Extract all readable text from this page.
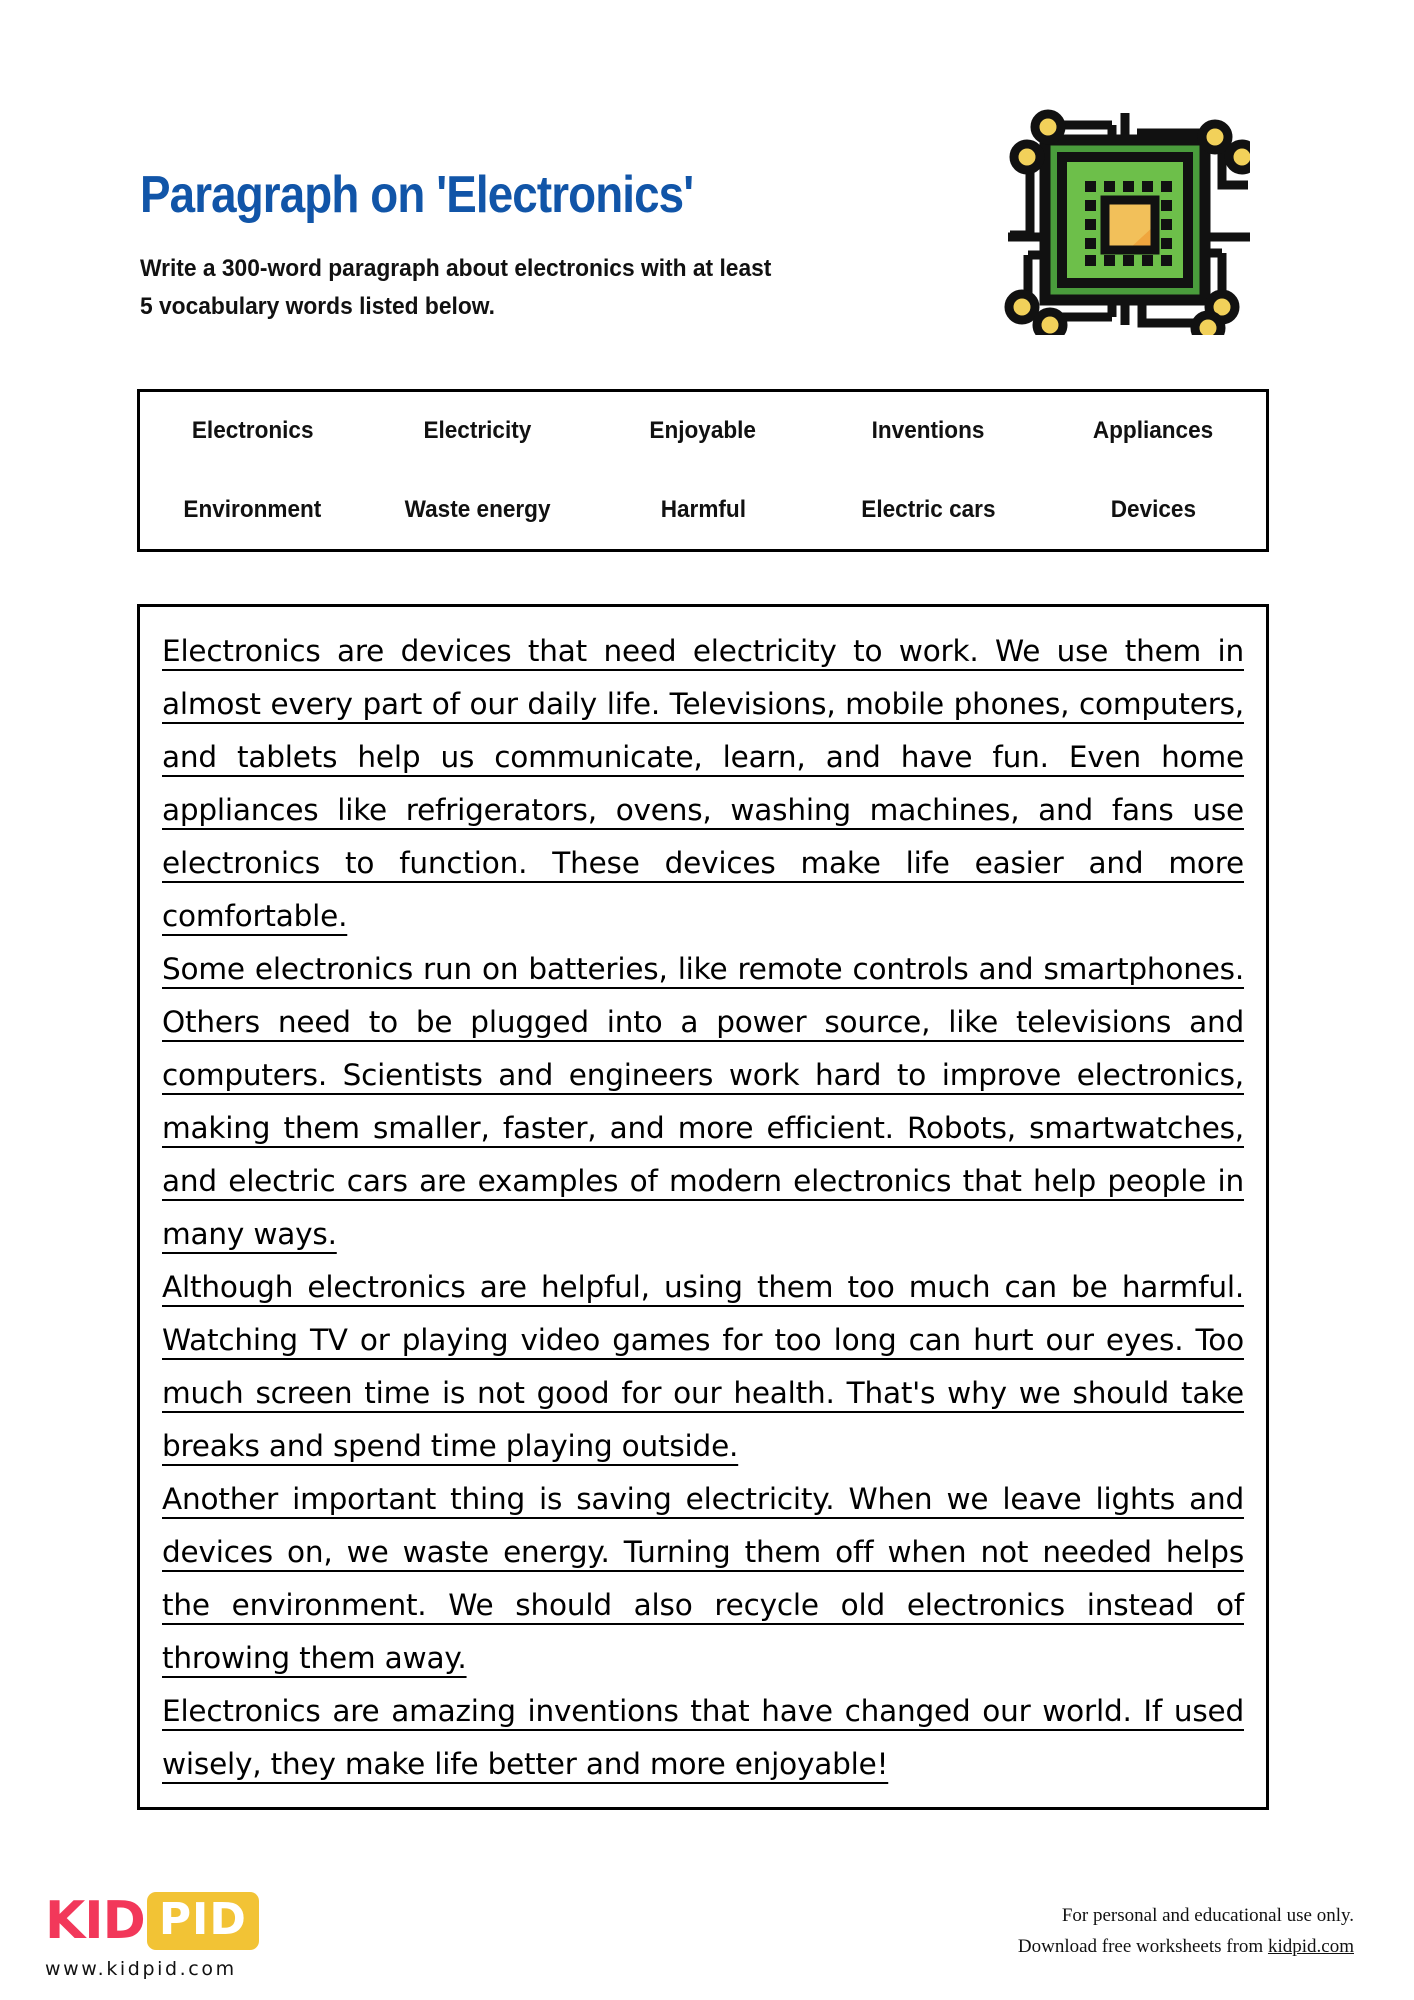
Paragraph on 'Electronics'
Write a 300-word paragraph about electronics with at least
5 vocabulary words listed below.
Electronics	Electricity	Enjoyable	Inventions	Appliances
Environment	Waste energy	Harmful	Electric cars	Devices

Electronics are devices that need electricity to work. We use them in almost every part of our daily life. Televisions, mobile phones, computers, and tablets help us communicate, learn, and have fun. Even home appliances like refrigerators, ovens, washing machines, and fans use electronics to function. These devices make life easier and more comfortable.

Some electronics run on batteries, like remote controls and smartphones. Others need to be plugged into a power source, like televisions and computers. Scientists and engineers work hard to improve electronics, making them smaller, faster, and more efficient. Robots, smartwatches, and electric cars are examples of modern electronics that help people in many ways.

Although electronics are helpful, using them too much can be harmful. Watching TV or playing video games for too long can hurt our eyes. Too much screen time is not good for our health. That's why we should take breaks and spend time playing outside.

Another important thing is saving electricity. When we leave lights and devices on, we waste energy. Turning them off when not needed helps the environment. We should also recycle old electronics instead of throwing them away.

Electronics are amazing inventions that have changed our world. If used wisely, they make life better and more enjoyable!

KID PID
www.kidpid.com
For personal and educational use only.
Download free worksheets from kidpid.com
